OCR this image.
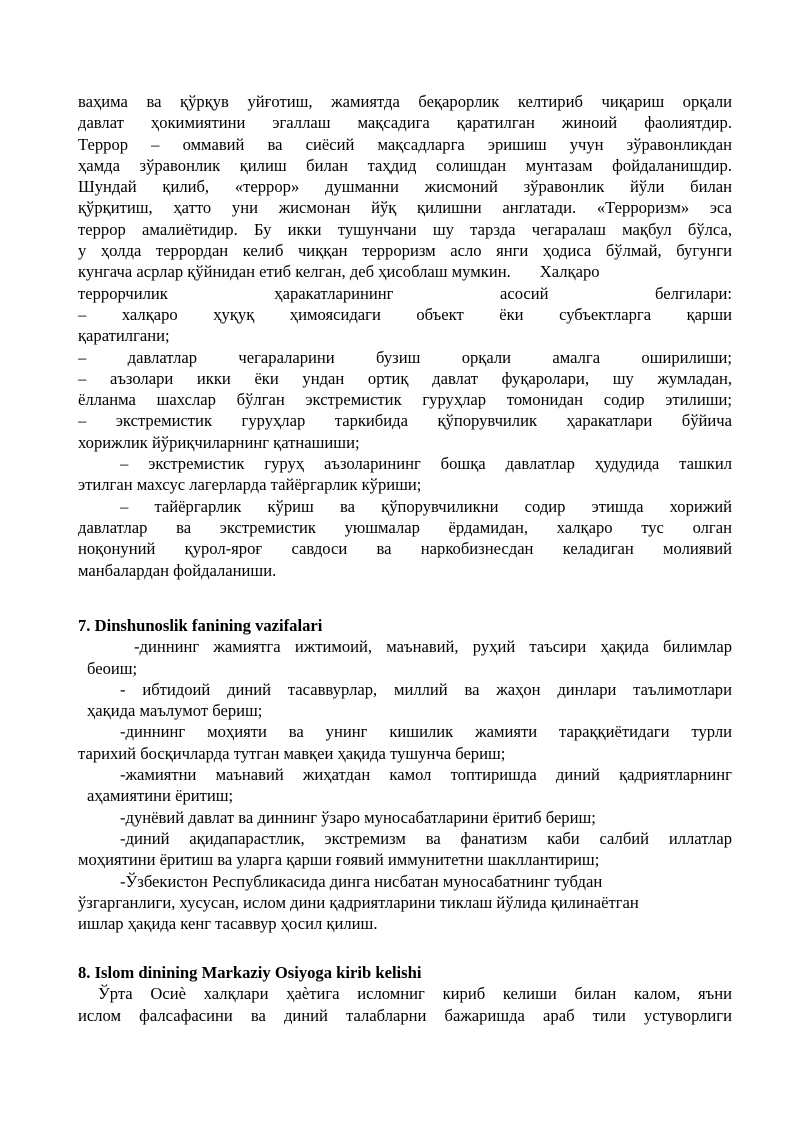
ваҳима ва қўрқув уйғотиш, жамиятда беқарорлик келтириб чиқариш орқали
давлат ҳокимиятини эгаллаш мақсадига қаратилган жиноий фаолиятдир.
Террор – оммавий ва сиёсий мақсадларга эришиш учун зўравонликдан
ҳамда зўравонлик қилиш билан таҳдид солишдан мунтазам фойдаланишдир.
Шундай қилиб, «террор» душманни жисмоний зўравонлик йўли билан
қўрқитиш, ҳатто уни жисмонан йўқ қилишни англатади. «Терроризм» эса
террор амалиётидир. Бу икки тушунчани шу тарзда чегаралаш мақбул бўлса,
у ҳолда террордан келиб чиққан терроризм асло янги ҳодиса бўлмай, бугунги
кунгача асрлар қўйнидан етиб келган, деб ҳисоблаш мумкин.       Халқаро
террорчилик ҳаракатларининг асосий белгилари:
– халқаро ҳуқуқ ҳимоясидаги объект ёки субъектларга қарши
қаратилгани;
– давлатлар чегараларини бузиш орқали амалга оширилиши;
– аъзолари икки ёки ундан ортиқ давлат фуқаролари, шу жумладан,
ёлланма шахслар бўлган экстремистик гуруҳлар томонидан содир этилиши;
– экстремистик гуруҳлар таркибида қўпорувчилик ҳаракатлари бўйича
хорижлик йўриқчиларнинг қатнашиши;
– экстремистик гуруҳ аъзоларининг бошқа давлатлар ҳудудида ташкил
этилган махсус лагерларда тайёргарлик кўриши;
– тайёргарлик кўриш ва қўпорувчиликни содир этишда хорижий
давлатлар ва экстремистик уюшмалар ёрдамидан, халқаро тус олган
ноқонуний қурол-яроғ савдоси ва наркобизнесдан келадиган молиявий
манбалардан фойдаланиши.
7. Dinshunoslik fanining vazifalari
-диннинг жамиятга ижтимоий, маънавий, руҳий таъсири ҳақида билимлар
беоиш;
- ибтидоий диний тасаввурлар, миллий ва жаҳон динлари таълимотлари
ҳақида маълумот бериш;
-диннинг моҳияти ва унинг кишилик жамияти тараққиётидаги турли
тарихий босқичларда тутган мавқеи ҳақида тушунча бериш;
-жамиятни маънавий жиҳатдан камол топтиришда диний қадриятларнинг
аҳамиятини ёритиш;
-дунёвий давлат ва диннинг ўзаро муносабатларини ёритиб бериш;
-диний ақидапарастлик, экстремизм ва фанатизм каби салбий иллатлар
моҳиятини ёритиш ва уларга қарши ғоявий иммунитетни шакллантириш;
-Ўзбекистон Республикасида динга нисбатан муносабатнинг тубдан
ўзгарганлиги, хусусан, ислом дини қадриятларини тиклаш йўлида қилинаётган
ишлар ҳақида кенг тасаввур ҳосил қилиш.
8. Islom dinining Markaziy Osiyoga kirib kelishi
Ўрта Осиѐ халқлари ҳаѐтига исломниг кириб келиши билан калом, яъни
ислом фалсафасини ва диний талабларни бажаришда араб тили устуворлиги
